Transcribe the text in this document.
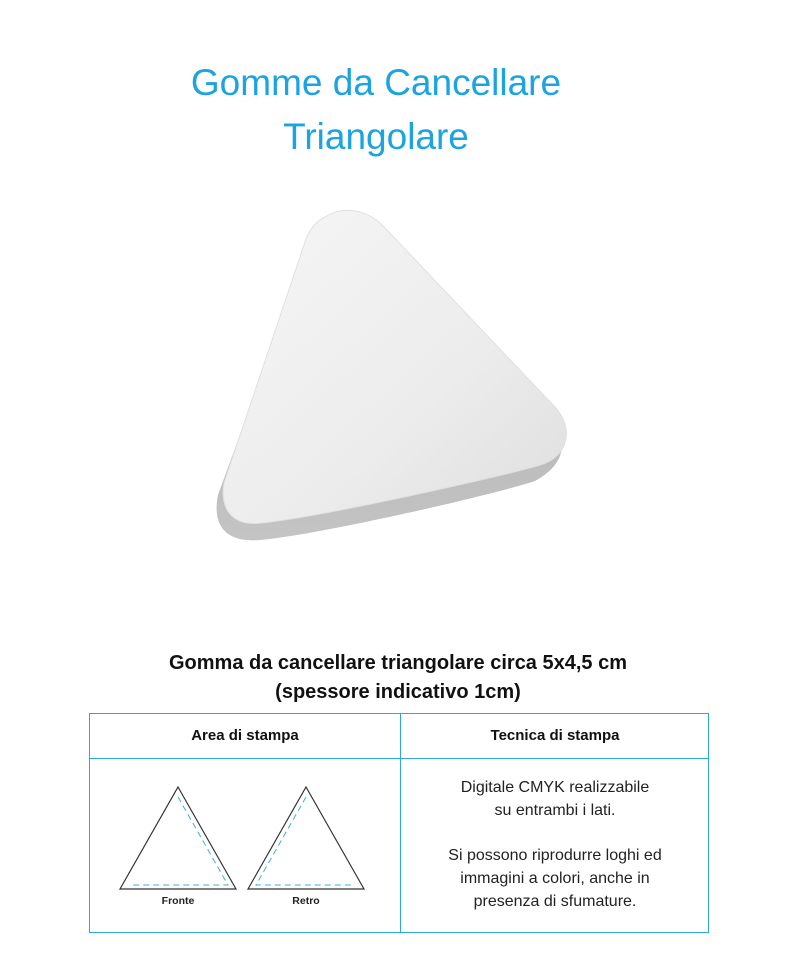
Gomme da Cancellare
Triangolare
Gomma da cancellare triangolare circa 5x4,5 cm
(spessore indicativo 1cm)
Area di stampa	Tecnica di stampa
Fronte	Retro

Digitale CMYK realizzabile

su entrambi i lati.

Si possono riprodurre loghi ed

immagini a colori, anche in

presenza di sfumature.
